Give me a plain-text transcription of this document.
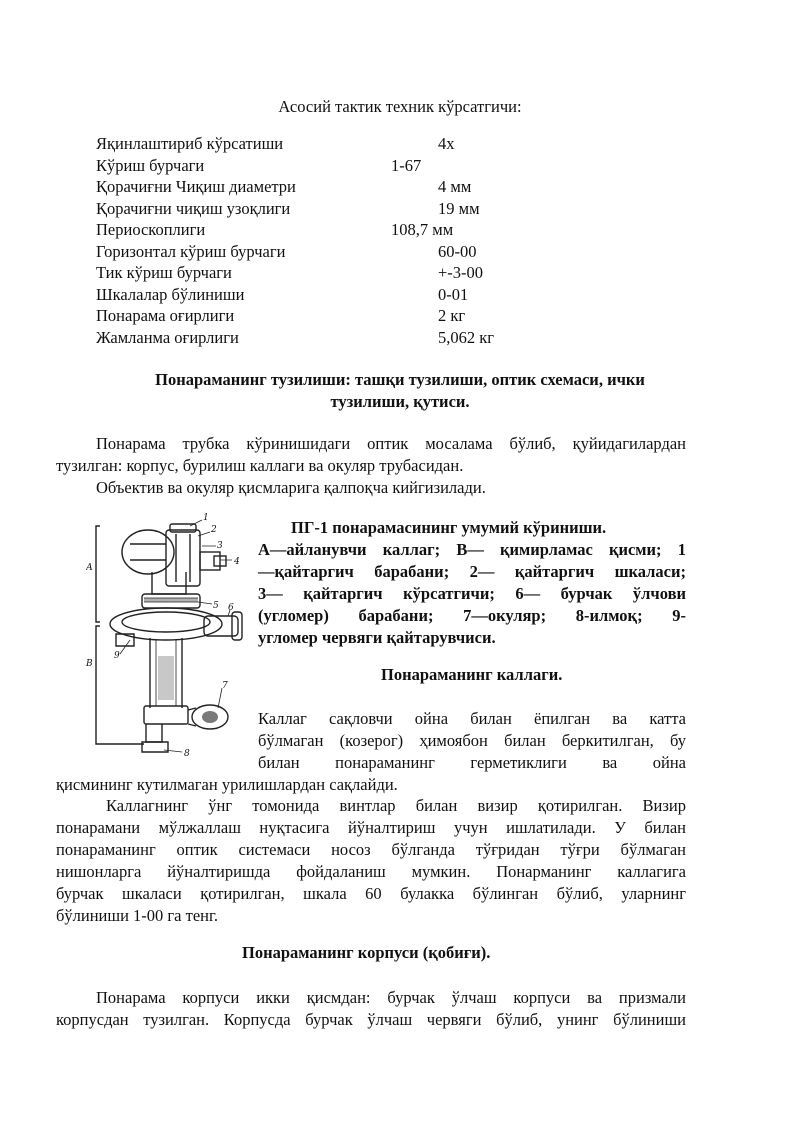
Асосий тактик техник кўрсатгичи:
Яқинлаштириб кўрсатиши	4х
Кўриш бурчаги	1-67
Қорачиғни Чиқиш диаметри	4 мм
Қорачиғни чиқиш узоқлиги	19 мм
Периоскоплиги	108,7 мм
Горизонтал кўриш бурчаги	60-00
Тик кўриш бурчаги	+-3-00
Шкалалар бўлиниши	0-01
Понарама оғирлиги	2 кг
Жамланма оғирлиги	5,062 кг
Понараманинг тузилиши: ташқи тузилиши, оптик схемаси, ички
тузилиши, қутиси.
Понарама трубка кўринишидаги оптик мосалама бўлиб, қуйидагилардан
тузилган: корпус, бурилиш каллаги ва окуляр трубасидан.
Объектив ва окуляр қисмларига қалпоқча кийгизилади.
1
2
3
4
5 6
7
8
9
А
В
ПГ-1 понарамасининг умумий кўриниши.
А—айланувчи каллаг; В— қимирламас қисми; 1
—қайтаргич барабани; 2— қайтаргич шкаласи;
3— қайтаргич кўрсатгичи; 6— бурчак ўлчови
(угломер) барабани; 7—окуляр; 8-илмоқ; 9-
угломер червяги қайтарувчиси.
Понараманинг каллаги.
Каллаг сақловчи ойна билан ёпилган ва катта
бўлмаган (козерог) ҳимоябон билан беркитилган, бу
билан понараманинг герметиклиги ва ойна
қисмининг кутилмаган урилишлардан сақлайди.
Каллагнинг ўнг томонида винтлар билан визир қотирилган. Визир
понарамани мўлжаллаш нуқтасига йўналтириш учун ишлатилади. У билан
понараманинг оптик системаси носоз бўлганда тўғридан тўғри бўлмаган
нишонларга йўналтиришда фойдаланиш мумкин. Понарманинг каллагига
бурчак шкаласи қотирилган, шкала 60 булакка бўлинган бўлиб, уларнинг
бўлиниши 1-00 га тенг.
Понараманинг корпуси (қобиғи).
Понарама корпуси икки қисмдан: бурчак ўлчаш корпуси ва призмали
корпусдан тузилган. Корпусда бурчак ўлчаш червяги бўлиб, унинг бўлиниши
